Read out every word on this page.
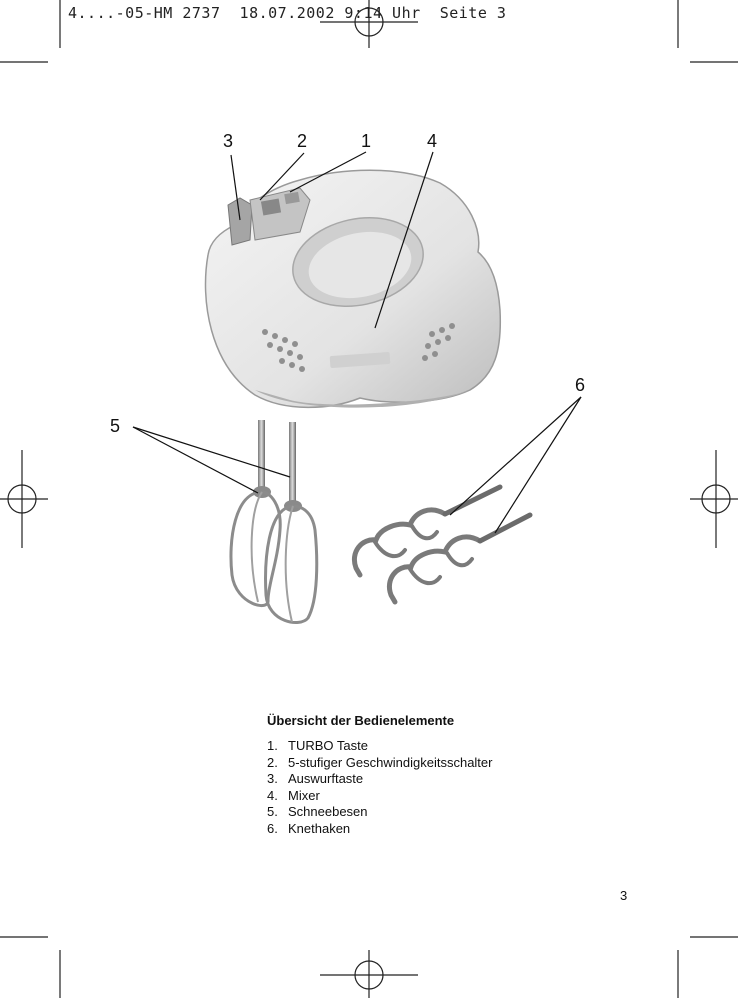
4....-05-HM 2737  18.07.2002 9:14 Uhr  Seite 3
3	2	1	4
6
5
Übersicht der Bedienelemente
1. TURBO Taste
2. 5-stufiger Geschwindigkeitsschalter
3. Auswurftaste
4. Mixer
5. Schneebesen
6. Knethaken
3
